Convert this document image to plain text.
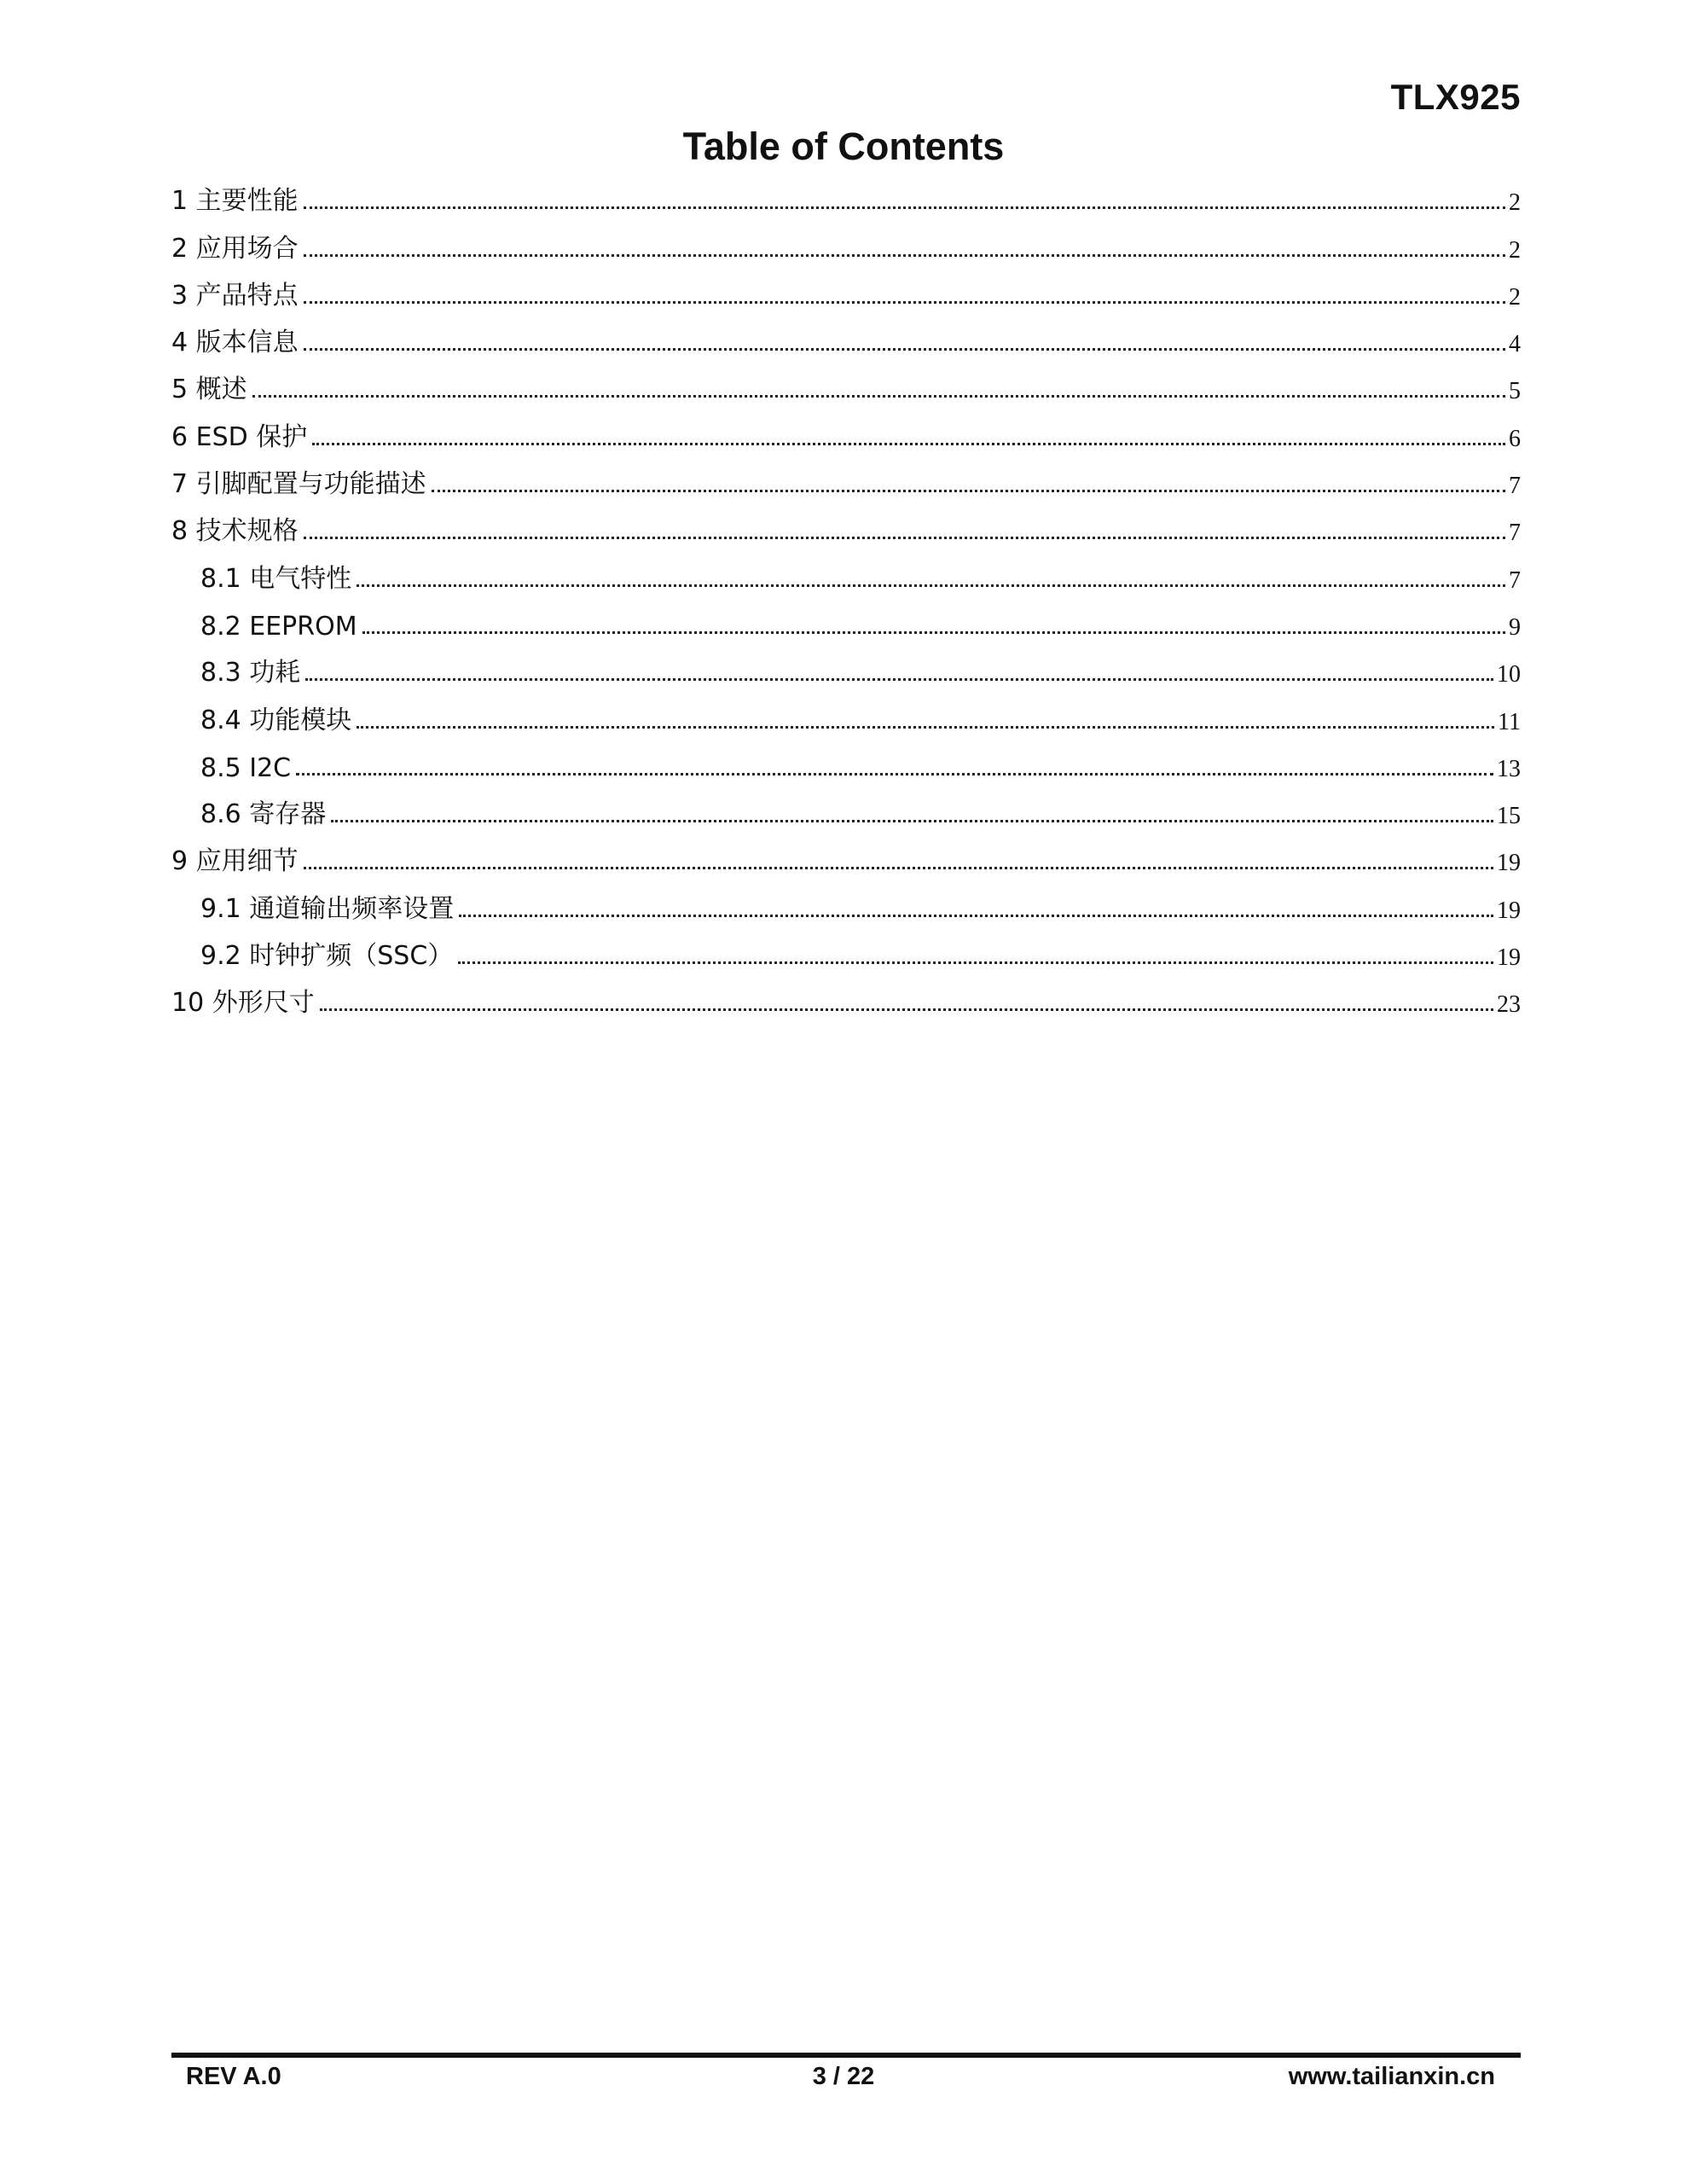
TLX925
Table of Contents
1 主要性能	2
2 应用场合	2
3 产品特点	2
4 版本信息	4
5 概述	5
6 ESD 保护	6
7 引脚配置与功能描述	7
8 技术规格	7
8.1 电气特性	7
8.2 EEPROM	9
8.3 功耗	10
8.4 功能模块	11
8.5 I2C	13
8.6 寄存器	15
9 应用细节	19
9.1 通道输出频率设置	19
9.2 时钟扩频（SSC）	19
10 外形尺寸	23
REV A.0	3 / 22	www.tailianxin.cn
